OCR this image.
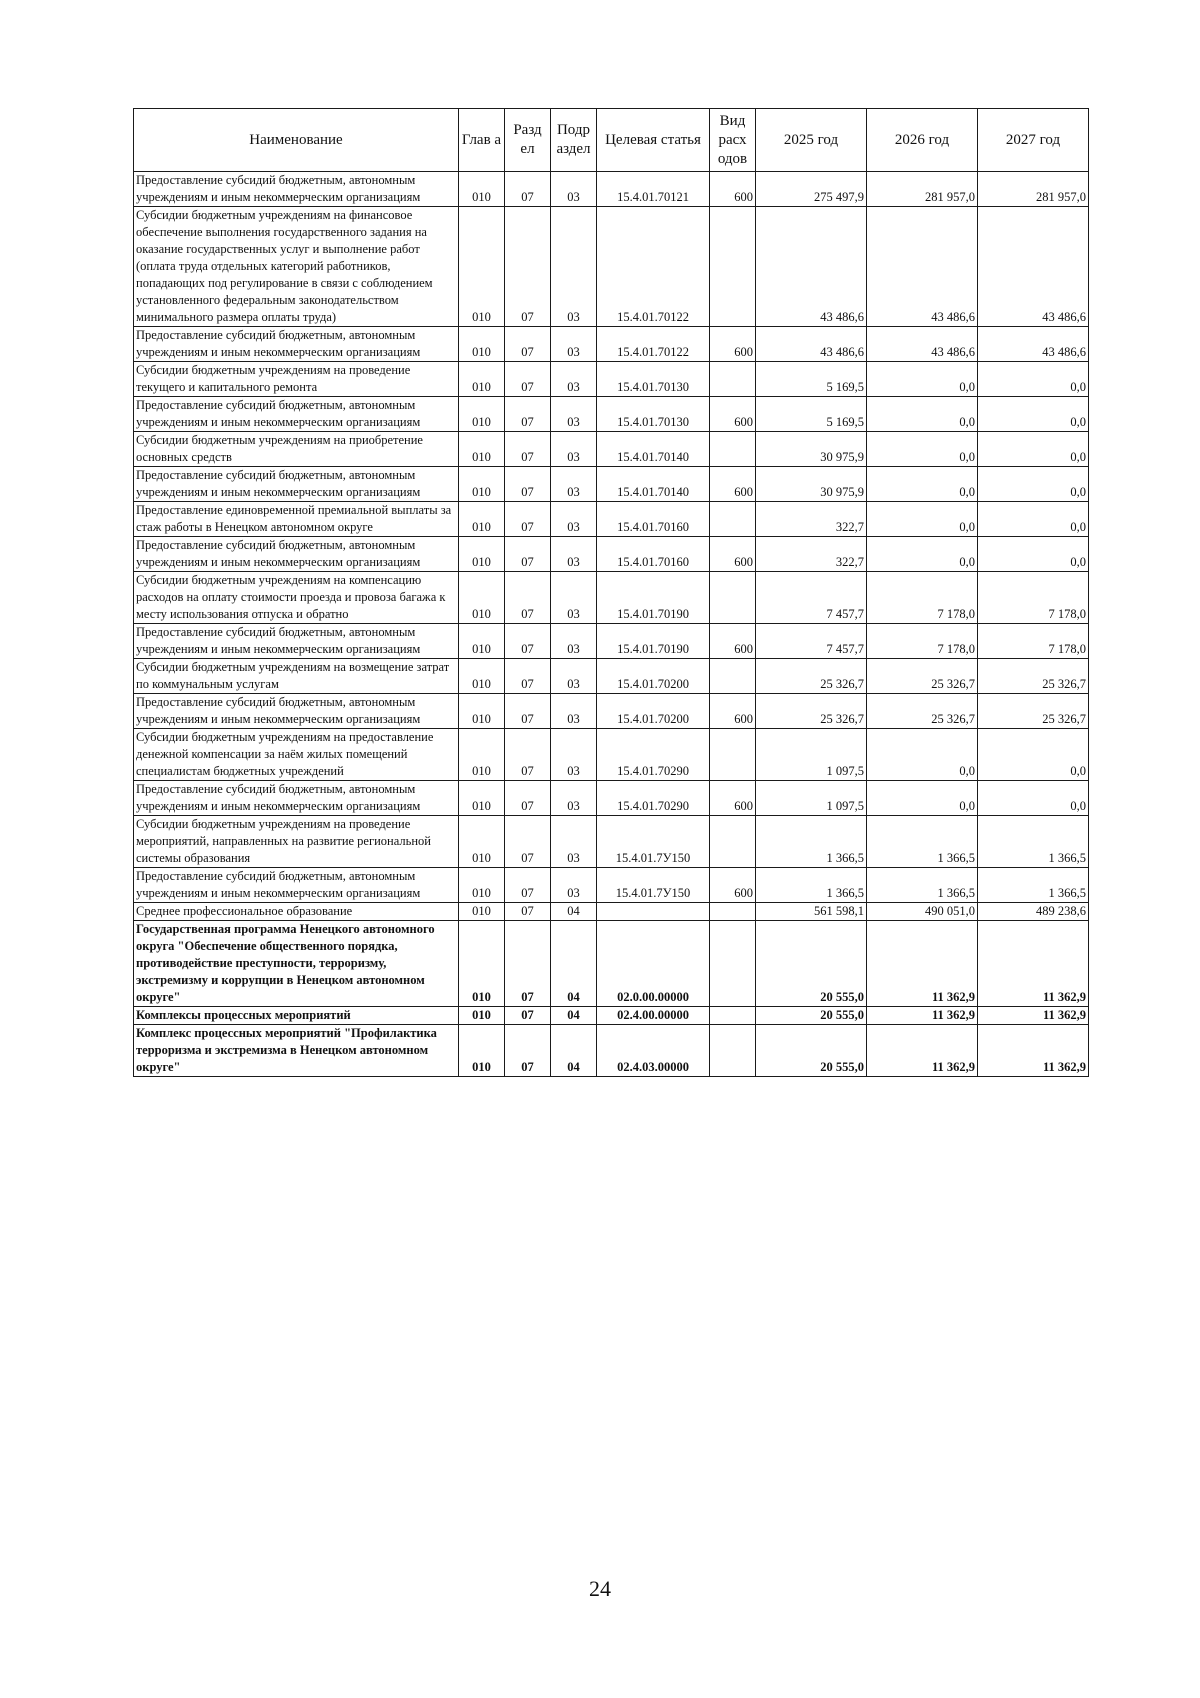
Наименование	Глав а	Разд ел	Подр аздел	Целевая статья	Вид расх одов	2025 год	2026 год	2027 год
Предоставление субсидий бюджетным, автономным учреждениям и иным некоммерческим организациям	010	07	03	15.4.01.70121	600	275 497,9	281 957,0	281 957,0
Субсидии бюджетным учреждениям на финансовое обеспечение выполнения государственного задания на оказание государственных услуг и выполнение работ (оплата труда отдельных категорий работников, попадающих под регулирование в связи с соблюдением установленного федеральным законодательством минимального размера оплаты труда)	010	07	03	15.4.01.70122		43 486,6	43 486,6	43 486,6
Предоставление субсидий бюджетным, автономным учреждениям и иным некоммерческим организациям	010	07	03	15.4.01.70122	600	43 486,6	43 486,6	43 486,6
Субсидии бюджетным учреждениям на проведение текущего и капитального ремонта	010	07	03	15.4.01.70130		5 169,5	0,0	0,0
Предоставление субсидий бюджетным, автономным учреждениям и иным некоммерческим организациям	010	07	03	15.4.01.70130	600	5 169,5	0,0	0,0
Субсидии бюджетным учреждениям на приобретение основных средств	010	07	03	15.4.01.70140		30 975,9	0,0	0,0
Предоставление субсидий бюджетным, автономным учреждениям и иным некоммерческим организациям	010	07	03	15.4.01.70140	600	30 975,9	0,0	0,0
Предоставление единовременной премиальной выплаты за стаж работы в Ненецком автономном округе	010	07	03	15.4.01.70160		322,7	0,0	0,0
Предоставление субсидий бюджетным, автономным учреждениям и иным некоммерческим организациям	010	07	03	15.4.01.70160	600	322,7	0,0	0,0
Субсидии бюджетным учреждениям на компенсацию расходов на оплату стоимости проезда и провоза багажа к месту использования отпуска и обратно	010	07	03	15.4.01.70190		7 457,7	7 178,0	7 178,0
Предоставление субсидий бюджетным, автономным учреждениям и иным некоммерческим организациям	010	07	03	15.4.01.70190	600	7 457,7	7 178,0	7 178,0
Субсидии бюджетным учреждениям на возмещение затрат по коммунальным услугам	010	07	03	15.4.01.70200		25 326,7	25 326,7	25 326,7
Предоставление субсидий бюджетным, автономным учреждениям и иным некоммерческим организациям	010	07	03	15.4.01.70200	600	25 326,7	25 326,7	25 326,7
Субсидии бюджетным учреждениям на предоставление денежной компенсации за наём жилых помещений специалистам бюджетных учреждений	010	07	03	15.4.01.70290		1 097,5	0,0	0,0
Предоставление субсидий бюджетным, автономным учреждениям и иным некоммерческим организациям	010	07	03	15.4.01.70290	600	1 097,5	0,0	0,0
Субсидии бюджетным учреждениям на проведение мероприятий, направленных на развитие региональной системы образования	010	07	03	15.4.01.7У150		1 366,5	1 366,5	1 366,5
Предоставление субсидий бюджетным, автономным учреждениям и иным некоммерческим организациям	010	07	03	15.4.01.7У150	600	1 366,5	1 366,5	1 366,5
Среднее профессиональное образование	010	07	04			561 598,1	490 051,0	489 238,6
Государственная программа Ненецкого автономного округа "Обеспечение общественного порядка, противодействие преступности, терроризму, экстремизму и коррупции в Ненецком автономном округе"	010	07	04	02.0.00.00000		20 555,0	11 362,9	11 362,9
Комплексы процессных мероприятий	010	07	04	02.4.00.00000		20 555,0	11 362,9	11 362,9
Комплекс процессных мероприятий "Профилактика терроризма и экстремизма в Ненецком автономном округе"	010	07	04	02.4.03.00000		20 555,0	11 362,9	11 362,9
24
